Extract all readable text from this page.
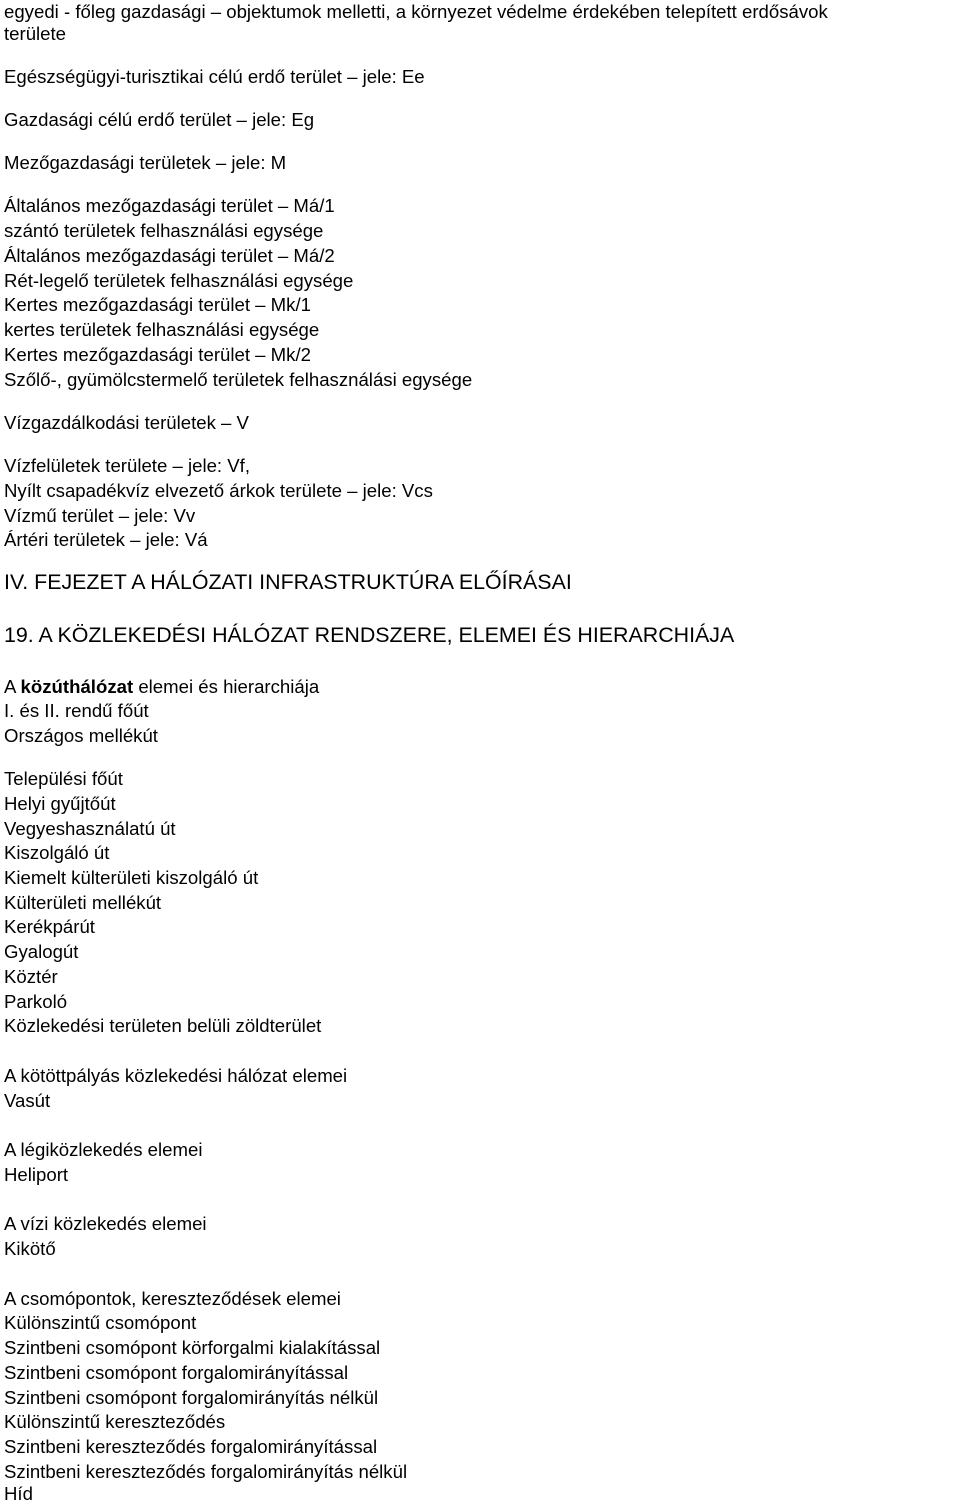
egyedi - főleg gazdasági – objektumok melletti, a környezet védelme érdekében telepített erdősávok
területe
Egészségügyi-turisztikai célú erdő terület – jele: Ee
Gazdasági célú erdő terület – jele: Eg
Mezőgazdasági területek – jele: M
Általános mezőgazdasági terület – Má/1
szántó területek felhasználási egysége
Általános mezőgazdasági terület – Má/2
Rét-legelő területek felhasználási egysége
Kertes mezőgazdasági terület – Mk/1
kertes területek felhasználási egysége
Kertes mezőgazdasági terület – Mk/2
Szőlő-, gyümölcstermelő területek felhasználási egysége
Vízgazdálkodási területek – V
Vízfelületek területe – jele: Vf,
Nyílt csapadékvíz elvezető árkok területe – jele: Vcs
Vízmű terület – jele: Vv
Ártéri területek – jele: Vá
IV. FEJEZET A HÁLÓZATI INFRASTRUKTÚRA ELŐÍRÁSAI
19. A KÖZLEKEDÉSI HÁLÓZAT RENDSZERE, ELEMEI ÉS HIERARCHIÁJA
A közúthálózat elemei és hierarchiája
I. és II. rendű főút
Országos mellékút
Települési főút
Helyi gyűjtőút
Vegyeshasználatú út
Kiszolgáló út
Kiemelt külterületi kiszolgáló út
Külterületi mellékút
Kerékpárút
Gyalogút
Köztér
Parkoló
Közlekedési területen belüli zöldterület
A kötöttpályás közlekedési hálózat elemei
Vasút
A légiközlekedés elemei
Heliport
A vízi közlekedés elemei
Kikötő
A csomópontok, kereszteződések elemei
Különszintű csomópont
Szintbeni csomópont körforgalmi kialakítással
Szintbeni csomópont forgalomirányítással
Szintbeni csomópont forgalomirányítás nélkül
Különszintű kereszteződés
Szintbeni kereszteződés forgalomirányítással
Szintbeni kereszteződés forgalomirányítás nélkül
Híd
